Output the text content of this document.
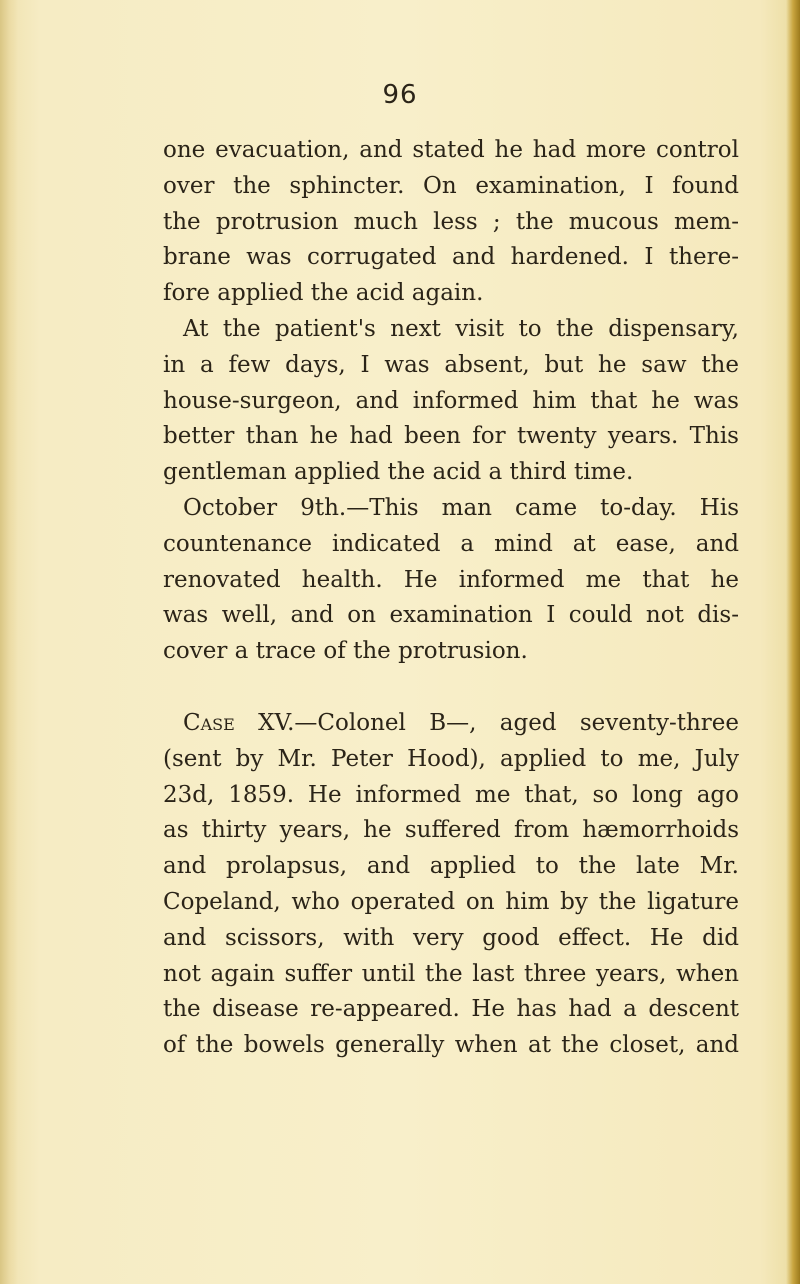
96
one evacuation, and stated he had more control
over the sphincter. On examination, I found
the protrusion much less ; the mucous mem-
brane was corrugated and hardened. I there-
fore applied the acid again.
At the patient's next visit to the dispensary,
in a few days, I was absent, but he saw the
house-surgeon, and informed him that he was
better than he had been for twenty years. This
gentleman applied the acid a third time.
October 9th.—This man came to-day. His
countenance indicated a mind at ease, and
renovated health. He informed me that he
was well, and on examination I could not dis-
cover a trace of the protrusion.
Case XV.—Colonel B—, aged seventy-three
(sent by Mr. Peter Hood), applied to me, July
23d, 1859. He informed me that, so long ago
as thirty years, he suffered from hæmorrhoids
and prolapsus, and applied to the late Mr.
Copeland, who operated on him by the ligature
and scissors, with very good effect. He did
not again suffer until the last three years, when
the disease re-appeared. He has had a descent
of the bowels generally when at the closet, and
